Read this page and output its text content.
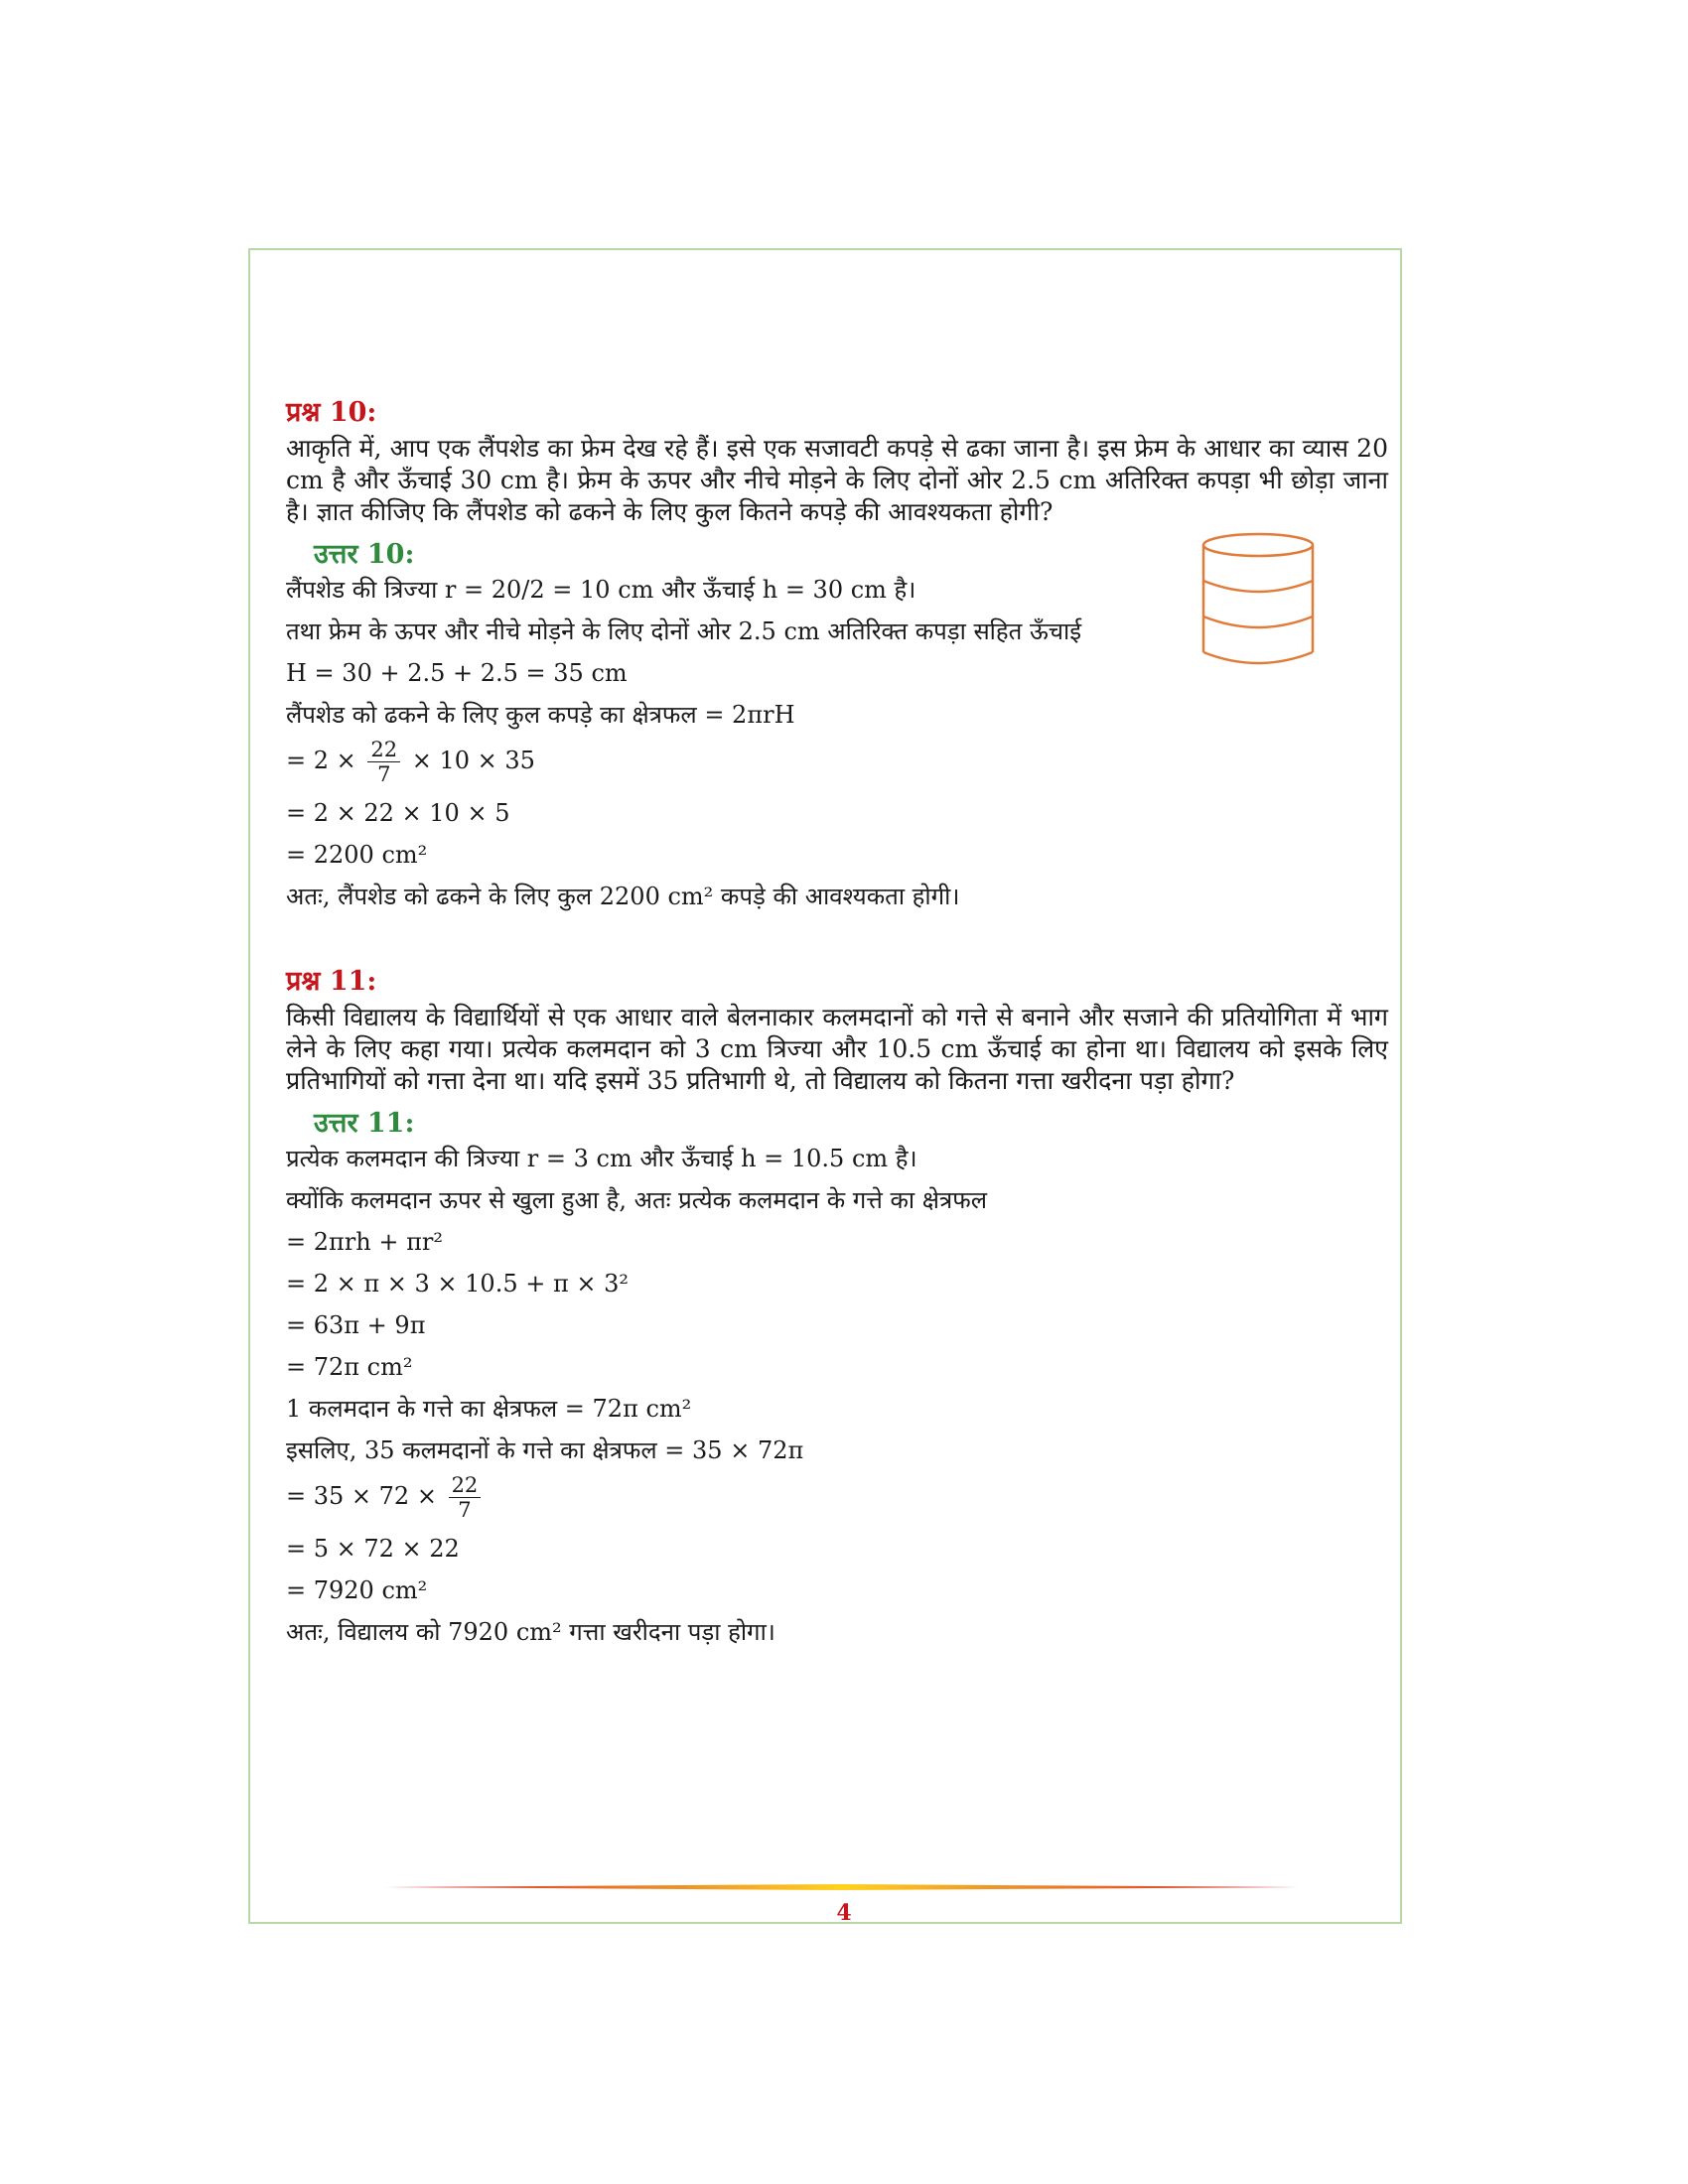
प्रश्न 10:

आकृति में, आप एक लैंपशेड का फ्रेम देख रहे हैं। इसे एक सजावटी कपड़े से ढका जाना है। इस फ्रेम के आधार का व्यास 20 cm है और ऊँचाई 30 cm है। फ्रेम के ऊपर और नीचे मोड़ने के लिए दोनों ओर 2.5 cm अतिरिक्त कपड़ा भी छोड़ा जाना है। ज्ञात कीजिए कि लैंपशेड को ढकने के लिए कुल कितने कपड़े की आवश्यकता होगी?

उत्तर 10:

लैंपशेड की त्रिज्या r = 20/2 = 10 cm और ऊँचाई h = 30 cm है।

तथा फ्रेम के ऊपर और नीचे मोड़ने के लिए दोनों ओर 2.5 cm अतिरिक्त कपड़ा सहित ऊँचाई

H = 30 + 2.5 + 2.5 = 35 cm

लैंपशेड को ढकने के लिए कुल कपड़े का क्षेत्रफल = 2πrH

= $2 \times \frac{22}{7} \times 10 \times 35$

= 2 × 22 × 10 × 5

= 2200 cm²

अतः, लैंपशेड को ढकने के लिए कुल 2200 cm² कपड़े की आवश्यकता होगी।

प्रश्न 11:

किसी विद्यालय के विद्यार्थियों से एक आधार वाले बेलनाकार कलमदानों को गत्ते से बनाने और सजाने की प्रतियोगिता में भाग लेने के लिए कहा गया। प्रत्येक कलमदान को 3 cm त्रिज्या और 10.5 cm ऊँचाई का होना था। विद्यालय को इसके लिए प्रतिभागियों को गत्ता देना था। यदि इसमें 35 प्रतिभागी थे, तो विद्यालय को कितना गत्ता खरीदना पड़ा होगा?

उत्तर 11:

प्रत्येक कलमदान की त्रिज्या r = 3 cm और ऊँचाई h = 10.5 cm है।

क्योंकि कलमदान ऊपर से खुला हुआ है, अतः प्रत्येक कलमदान के गत्ते का क्षेत्रफल

= 2πrh + πr²

= 2 × π × 3 × 10.5 + π × 3²

= 63π + 9π

= 72π cm²

1 कलमदान के गत्ते का क्षेत्रफल = 72π cm²

इसलिए, 35 कलमदानों के गत्ते का क्षेत्रफल = 35 × 72π

= $35 \times 72 \times \frac{22}{7}$

= 5 × 72 × 22

= 7920 cm²

अतः, विद्यालय को 7920 cm² गत्ता खरीदना पड़ा होगा।

4
